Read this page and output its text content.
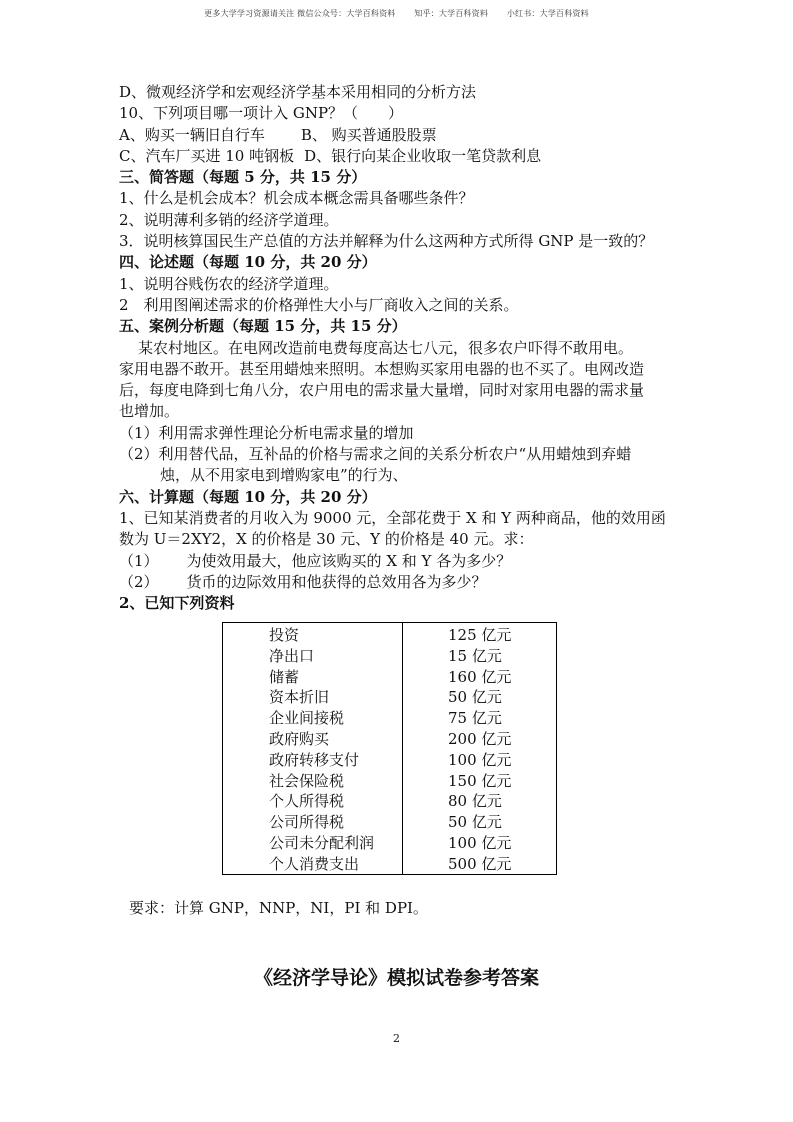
更多大学学习资源请关注 微信公众号：大学百科资料 知乎：大学百科资料 小红书：大学百科资料
D、微观经济学和宏观经济学基本采用相同的分析方法
10、下列项目哪一项计入 GNP？（　　）
A、购买一辆旧自行车 B、 购买普通股股票
C、汽车厂买进 10 吨钢板 D、银行向某企业收取一笔贷款利息
三、简答题（每题 5 分，共 15 分）
1、什么是机会成本？机会成本概念需具备哪些条件？
2、说明薄利多销的经济学道理。
3．说明核算国民生产总值的方法并解释为什么这两种方式所得 GNP 是一致的？
四、论述题（每题 10 分，共 20 分）
1、说明谷贱伤农的经济学道理。
2　利用图阐述需求的价格弹性大小与厂商收入之间的关系。
五、案例分析题（每题 15 分，共 15 分）
某农村地区。在电网改造前电费每度高达七八元，很多农户吓得不敢用电。
家用电器不敢开。甚至用蜡烛来照明。本想购买家用电器的也不买了。电网改造
后，每度电降到七角八分，农户用电的需求量大量增，同时对家用电器的需求量
也增加。
（1）利用需求弹性理论分析电需求量的增加
（2）利用替代品，互补品的价格与需求之间的关系分析农户“从用蜡烛到弃蜡
烛，从不用家电到增购家电”的行为、
六、计算题（每题 10 分，共 20 分）
1、已知某消费者的月收入为 9000 元，全部花费于 X 和 Y 两种商品，他的效用函
数为 U＝2XY2，X 的价格是 30 元、Y 的价格是 40 元。求：
（1） 为使效用最大，他应该购买的 X 和 Y 各为多少？
（2） 货币的边际效用和他获得的总效用各为多少？
2、已知下列资料
投资	125 亿元
净出口	15 亿元
储蓄	160 亿元
资本折旧	50 亿元
企业间接税	75 亿元
政府购买	200 亿元
政府转移支付	100 亿元
社会保险税	150 亿元
个人所得税	80 亿元
公司所得税	50 亿元
公司未分配利润	100 亿元
个人消费支出	500 亿元
要求：计算 GNP，NNP，NI，PI 和 DPI。
《经济学导论》模拟试卷参考答案
2
